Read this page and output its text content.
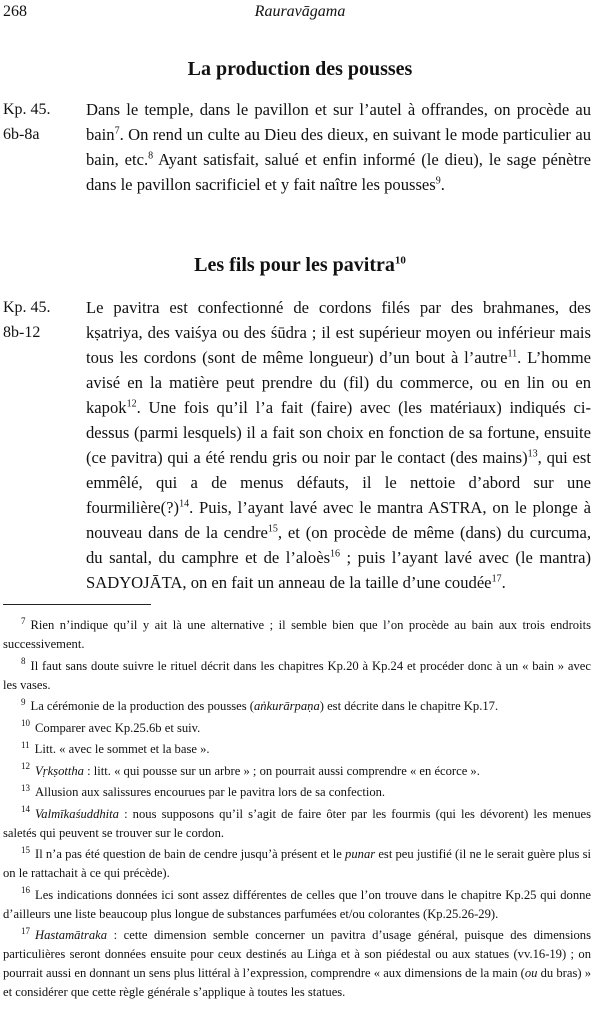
268	Rauravāgama
La production des pousses
Kp. 45.
6b-8a
Dans le temple, dans le pavillon et sur l’autel à offrandes, on procède au bain$^7$. On rend un culte au Dieu des dieux, en suivant le mode particulier au bain, etc.$^8$ Ayant satisfait, salué et enfin informé (le dieu), le sage pénètre dans le pavillon sacrificiel et y fait naître les pousses$^9$.
Les fils pour les pavitra$^{10}$
Kp. 45.
8b-12
Le pavitra est confectionné de cordons filés par des brahmanes, des kṣatriya, des vaiśya ou des śūdra ; il est supérieur moyen ou inférieur mais tous les cordons (sont de même longueur) d’un bout à l’autre$^{11}$. L’homme avisé en la matière peut prendre du (fil) du commerce, ou en lin ou en kapok$^{12}$. Une fois qu’il l’a fait (faire) avec (les matériaux) indiqués ci-dessus (parmi lesquels) il a fait son choix en fonction de sa fortune, ensuite (ce pavitra) qui a été rendu gris ou noir par le contact (des mains)$^{13}$, qui est emmêlé, qui a de menus défauts, il le nettoie d’abord sur une fourmilière(?)$^{14}$. Puis, l’ayant lavé avec le mantra ASTRA, on le plonge à nouveau dans de la cendre$^{15}$, et (on procède de même (dans) du curcuma, du santal, du camphre et de l’aloès$^{16}$ ; puis l’ayant lavé avec (le mantra) SADYOJĀTA, on en fait un anneau de la taille d’une coudée$^{17}$.
$^7$ Rien n’indique qu’il y ait là une alternative ; il semble bien que l’on procède au bain aux trois endroits successivement.
$^8$ Il faut sans doute suivre le rituel décrit dans les chapitres Kp.20 à Kp.24 et procéder donc à un « bain » avec les vases.
$^9$ La cérémonie de la production des pousses (aṅkurārpaṇa) est décrite dans le chapitre Kp.17.
$^{10}$ Comparer avec Kp.25.6b et suiv.
$^{11}$ Litt. « avec le sommet et la base ».
$^{12}$ Vṛkṣottha : litt. « qui pousse sur un arbre » ; on pourrait aussi comprendre « en écorce ».
$^{13}$ Allusion aux salissures encourues par le pavitra lors de sa confection.
$^{14}$ Valmīkaśuddhita : nous supposons qu’il s’agit de faire ôter par les fourmis (qui les dévorent) les menues saletés qui peuvent se trouver sur le cordon.
$^{15}$ Il n’a pas été question de bain de cendre jusqu’à présent et le punar est peu justifié (il ne le serait guère plus si on le rattachait à ce qui précède).
$^{16}$ Les indications données ici sont assez différentes de celles que l’on trouve dans le chapitre Kp.25 qui donne d’ailleurs une liste beaucoup plus longue de substances parfumées et/ou colorantes (Kp.25.26-29).
$^{17}$ Hastamātraka : cette dimension semble concerner un pavitra d’usage général, puisque des dimensions particulières seront données ensuite pour ceux destinés au Liṅga et à son piédestal ou aux statues (vv.16-19) ; on pourrait aussi en donnant un sens plus littéral à l’expression, comprendre « aux dimensions de la main (ou du bras) » et considérer que cette règle générale s’applique à toutes les statues.
